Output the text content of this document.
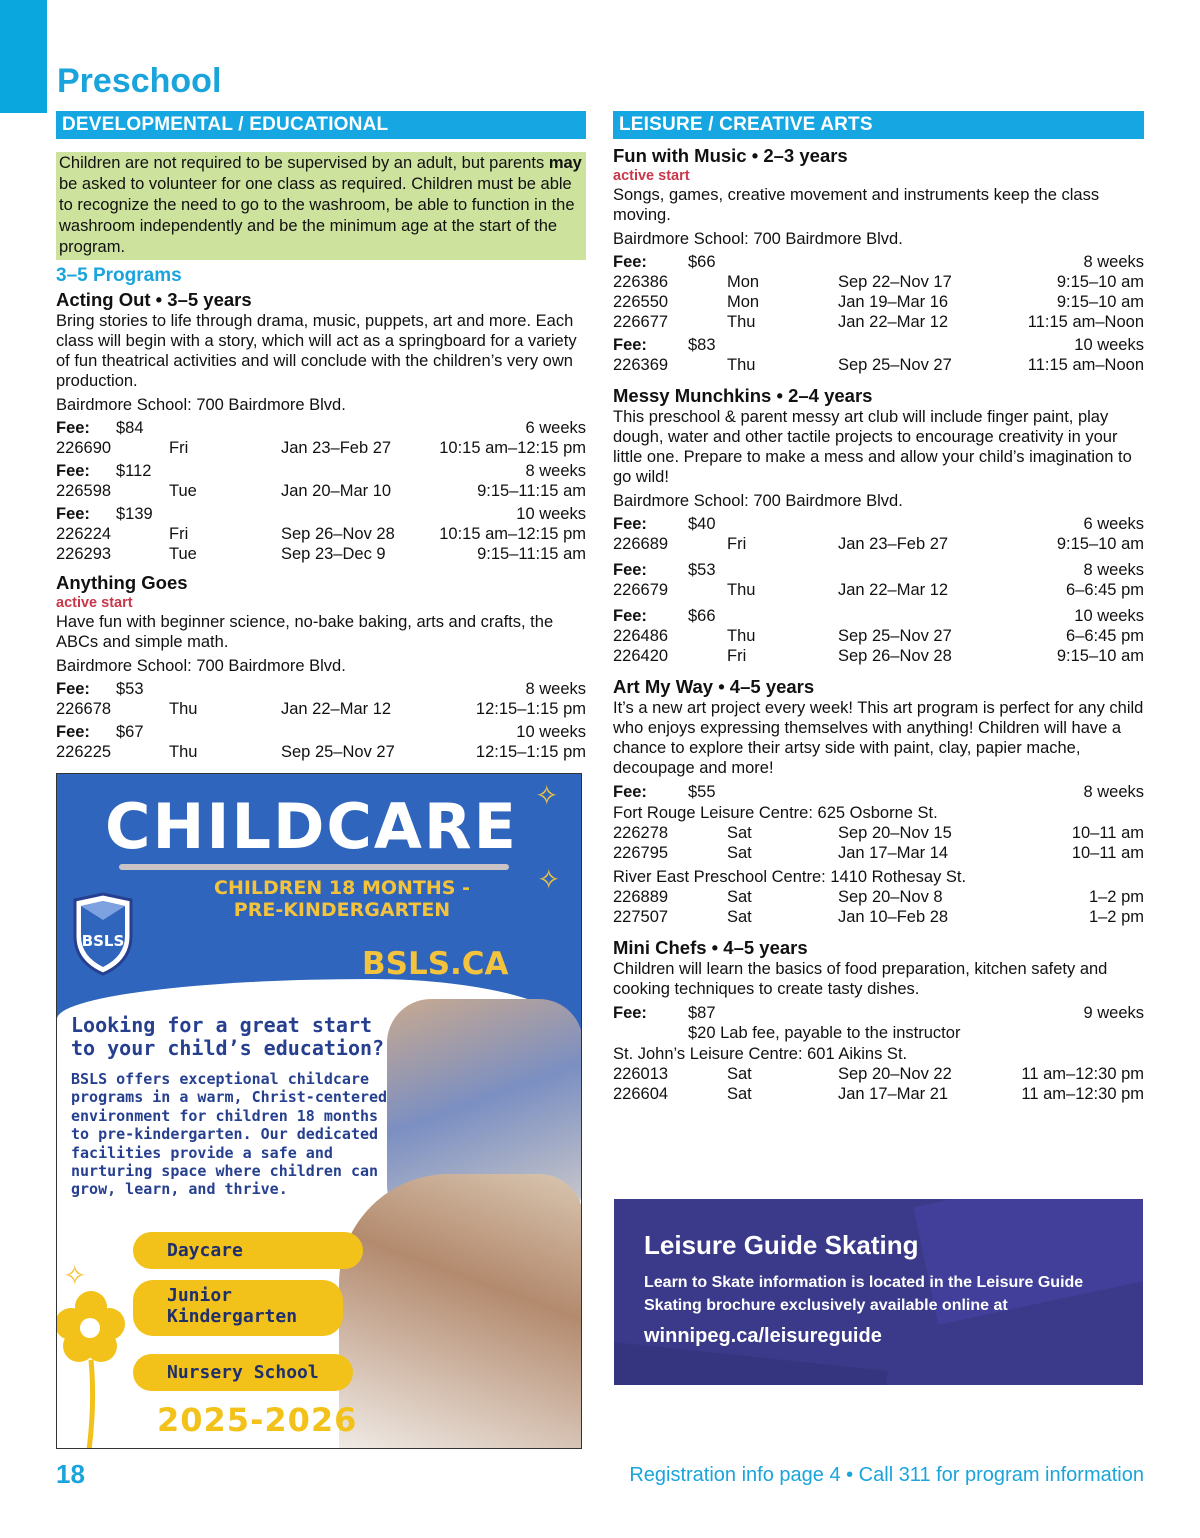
Preschool
DEVELOPMENTAL / EDUCATIONAL
Children are not required to be supervised by an adult, but parents may be asked to volunteer for one class as required. Children must be able to recognize the need to go to the washroom, be able to function in the washroom independently and be the minimum age at the start of the program.
3–5 Programs
Acting Out • 3–5 years
Bring stories to life through drama, music, puppets, art and more. Each class will begin with a story, which will act as a springboard for a variety of fun theatrical activities and will conclude with the children’s very own production.
Bairdmore School: 700 Bairdmore Blvd.
Fee:	$84	6 weeks
226690	Fri	Jan 23–Feb 27	10:15 am–12:15 pm
Fee:	$112	8 weeks
226598	Tue	Jan 20–Mar 10	9:15–11:15 am
Fee:	$139	10 weeks
226224	Fri	Sep 26–Nov 28	10:15 am–12:15 pm
226293	Tue	Sep 23–Dec 9	9:15–11:15 am
Anything Goes
active start
Have fun with beginner science, no-bake baking, arts and crafts, the ABCs and simple math.
Bairdmore School: 700 Bairdmore Blvd.
Fee:	$53	8 weeks
226678	Thu	Jan 22–Mar 12	12:15–1:15 pm
Fee:	$67	10 weeks
226225	Thu	Sep 25–Nov 27	12:15–1:15 pm
LEISURE / CREATIVE ARTS
Fun with Music • 2–3 years
active start
Songs, games, creative movement and instruments keep the class moving.
Bairdmore School: 700 Bairdmore Blvd.
Fee:	$66	8 weeks
226386	Mon	Sep 22–Nov 17	9:15–10 am
226550	Mon	Jan 19–Mar 16	9:15–10 am
226677	Thu	Jan 22–Mar 12	11:15 am–Noon
Fee:	$83	10 weeks
226369	Thu	Sep 25–Nov 27	11:15 am–Noon
Messy Munchkins • 2–4 years
This preschool & parent messy art club will include finger paint, play dough, water and other tactile projects to encourage creativity in your little one. Prepare to make a mess and allow your child’s imagination to go wild!
Bairdmore School: 700 Bairdmore Blvd.
Fee:	$40	6 weeks
226689	Fri	Jan 23–Feb 27	9:15–10 am
Fee:	$53	8 weeks
226679	Thu	Jan 22–Mar 12	6–6:45 pm
Fee:	$66	10 weeks
226486	Thu	Sep 25–Nov 27	6–6:45 pm
226420	Fri	Sep 26–Nov 28	9:15–10 am
Art My Way • 4–5 years
It’s a new art project every week! This art program is perfect for any child who enjoys expressing themselves with anything! Children will have a chance to explore their artsy side with paint, clay, papier mache, decoupage and more!
Fee:	$55	8 weeks
Fort Rouge Leisure Centre: 625 Osborne St.
226278	Sat	Sep 20–Nov 15	10–11 am
226795	Sat	Jan 17–Mar 14	10–11 am
River East Preschool Centre: 1410 Rothesay St.
226889	Sat	Sep 20–Nov 8	1–2 pm
227507	Sat	Jan 10–Feb 28	1–2 pm
Mini Chefs • 4–5 years
Children will learn the basics of food preparation, kitchen safety and cooking techniques to create tasty dishes.
Fee:	$87	9 weeks
$20 Lab fee, payable to the instructor
St. John’s Leisure Centre: 601 Aikins St.
226013	Sat	Sep 20–Nov 22	11 am–12:30 pm
226604	Sat	Jan 17–Mar 21	11 am–12:30 pm
CHILDCARE
CHILDREN 18 MONTHS -
PRE-KINDERGARTEN
BSLS.CA
BSLS
✧
✧
✧
Looking for a great start
to your child’s education?
BSLS offers exceptional childcare programs in a warm, Christ-centered environment for children 18 months to pre-kindergarten. Our dedicated facilities provide a safe and nurturing space where children can grow, learn, and thrive.
Daycare
Junior Kindergarten
Nursery School
2025-2026
Leisure Guide Skating
Learn to Skate information is located in the Leisure Guide Skating brochure exclusively available online at
winnipeg.ca/leisureguide
18	Registration info page 4 • Call 311 for program information
